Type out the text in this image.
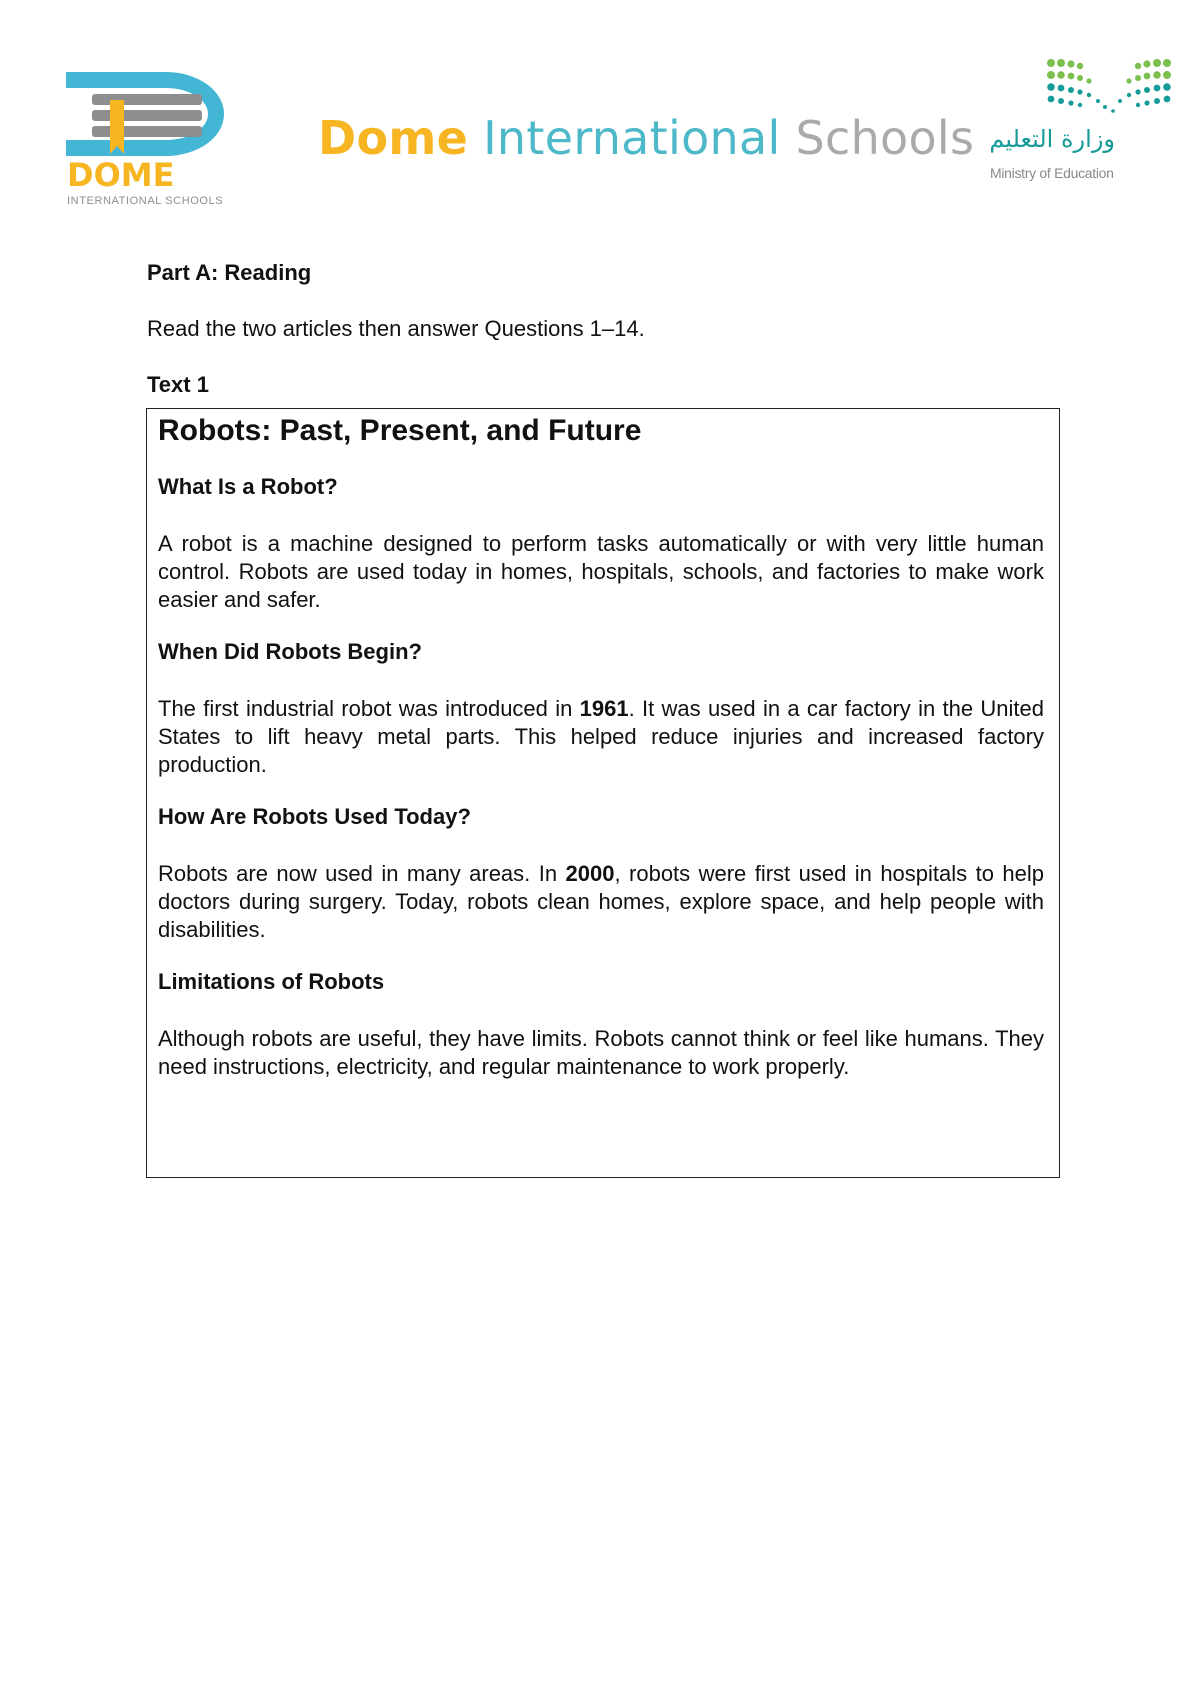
DOME
INTERNATIONAL SCHOOLS
Dome International Schools وزارة التعليم
Ministry of Education
Part A: Reading
Read the two articles then answer Questions 1–14.
Text 1
Robots: Past, Present, and Future
What Is a Robot?

A robot is a machine designed to perform tasks automatically or with very little human control. Robots are used today in homes, hospitals, schools, and factories to make work easier and safer.

When Did Robots Begin?

The first industrial robot was introduced in 1961. It was used in a car factory in the United States to lift heavy metal parts. This helped reduce injuries and increased factory production.

How Are Robots Used Today?

Robots are now used in many areas. In 2000, robots were first used in hospitals to help doctors during surgery. Today, robots clean homes, explore space, and help people with disabilities.

Limitations of Robots

Although robots are useful, they have limits. Robots cannot think or feel like humans. They need instructions, electricity, and regular maintenance to work properly.
